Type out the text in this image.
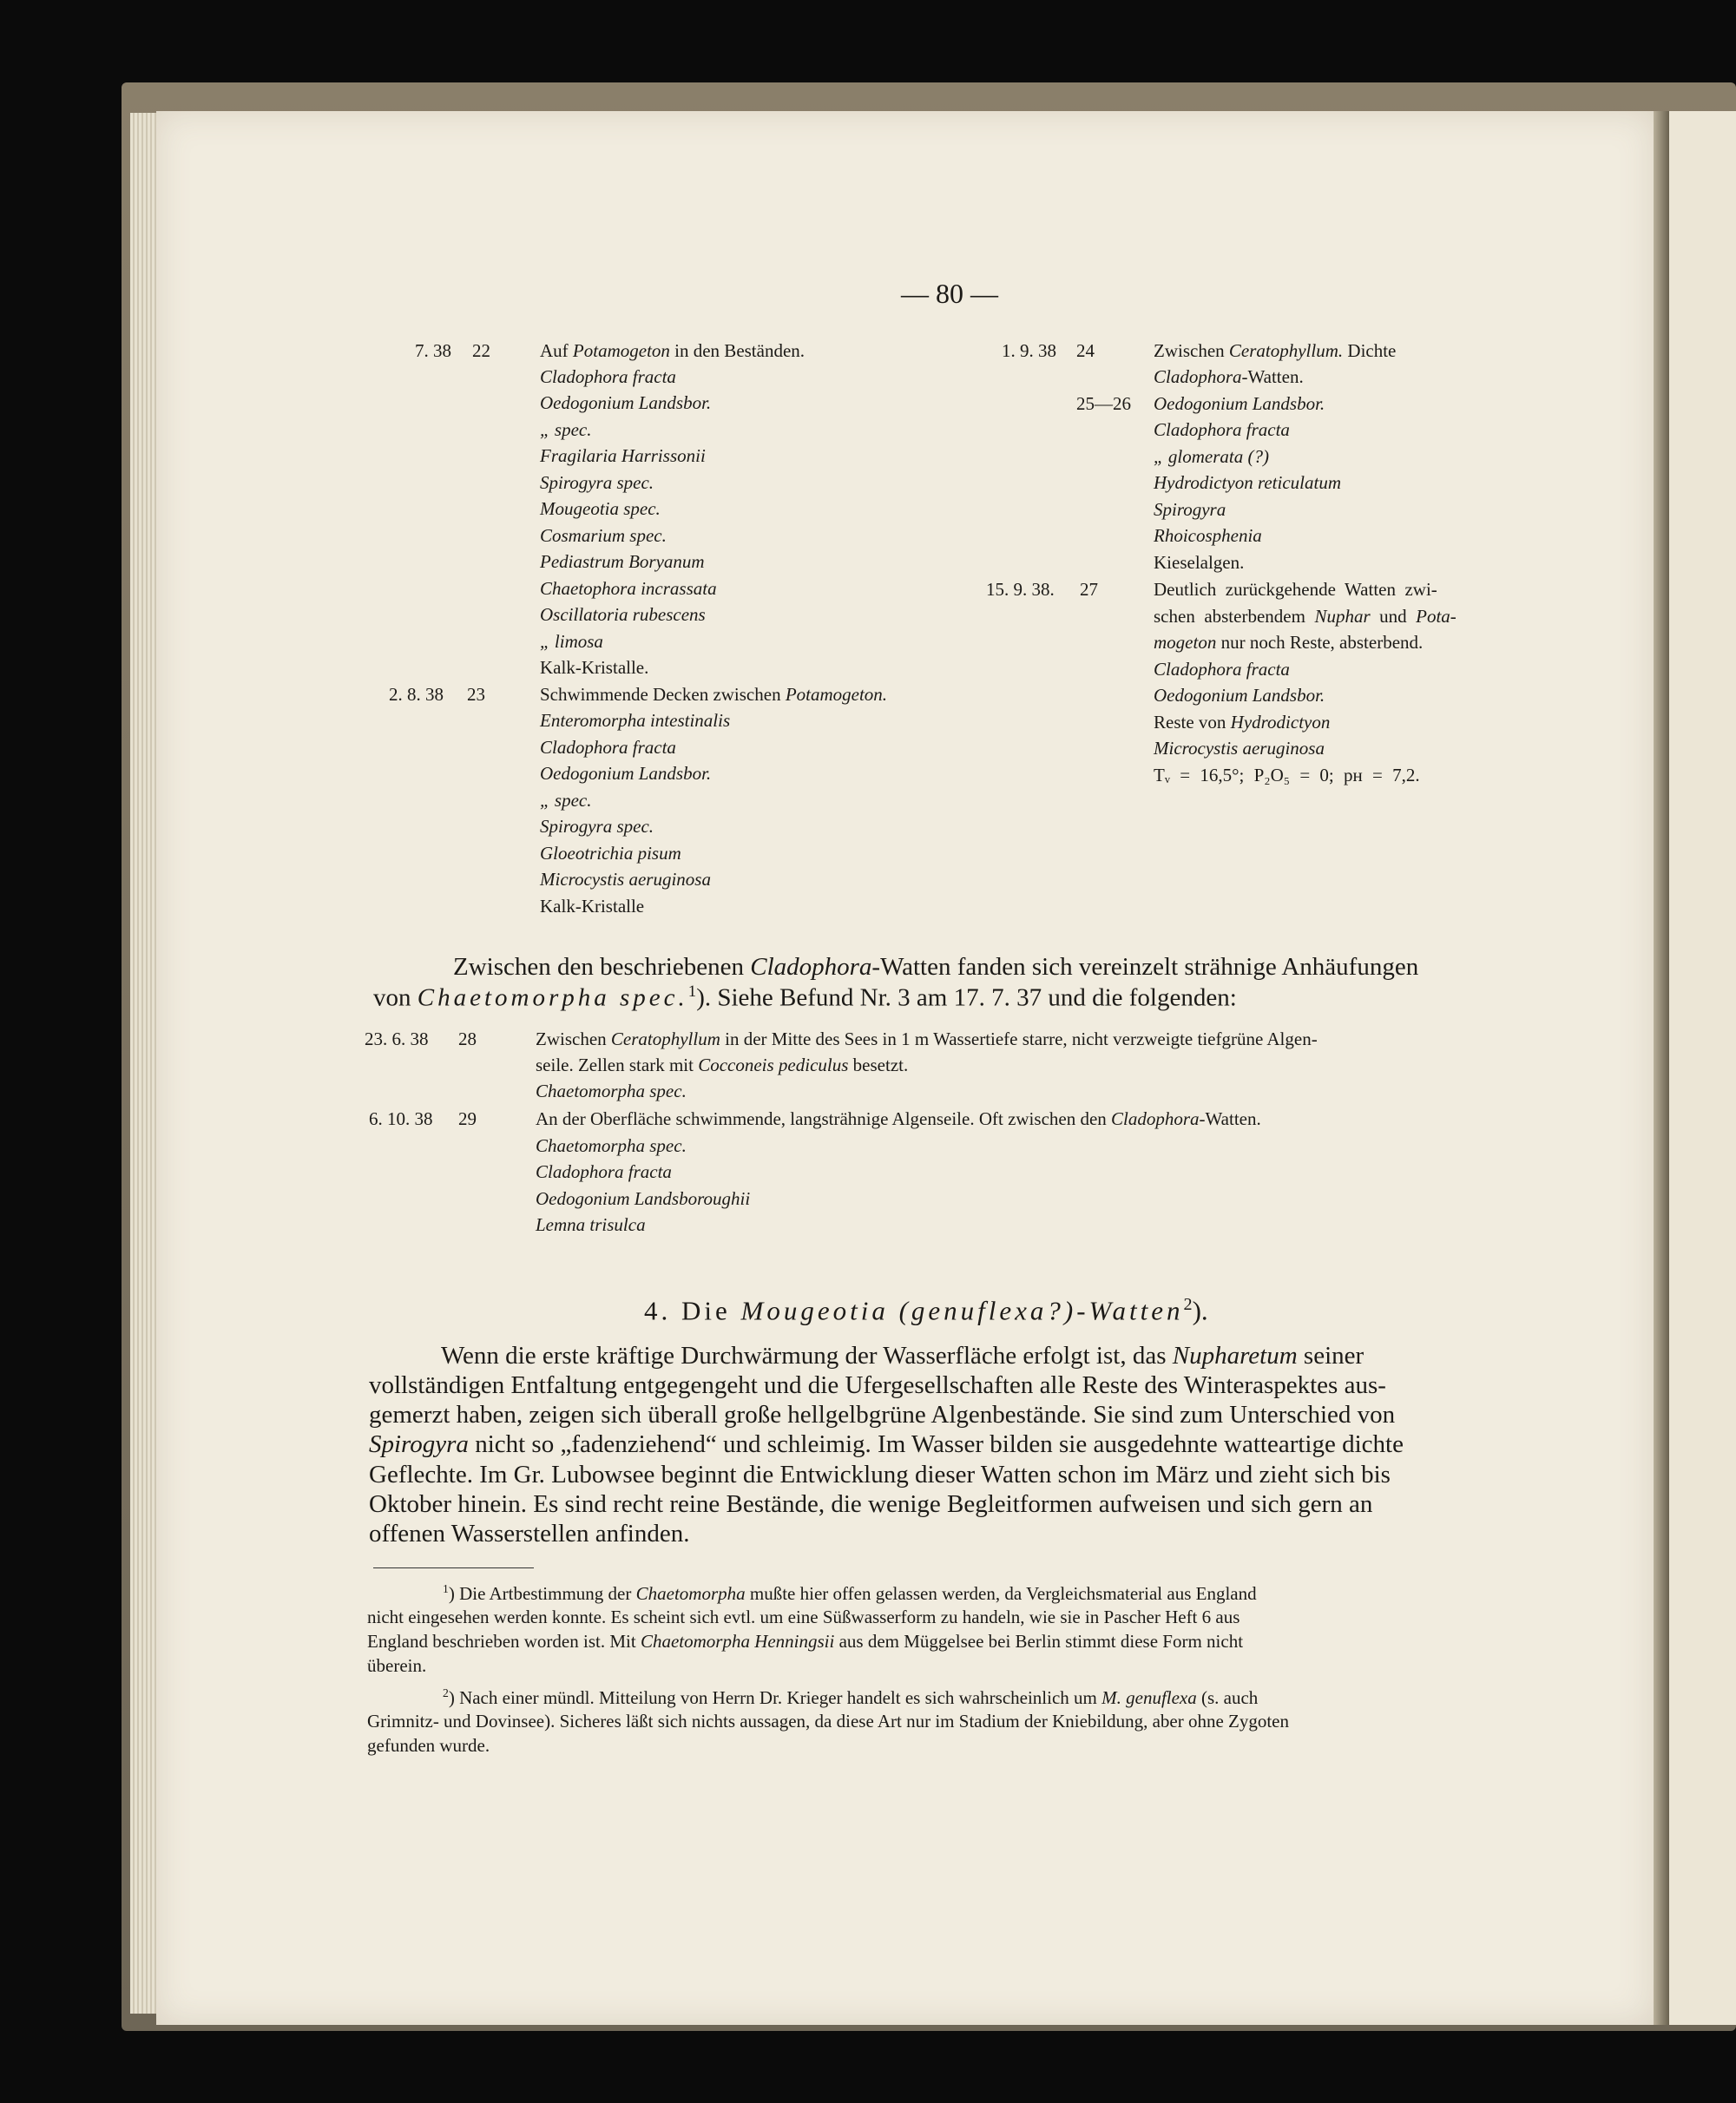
— 80 —
7. 38 22	Auf Potamogeton in den Beständen.
Cladophora fracta
Oedogonium Landsbor.
„ spec.
Fragilaria Harrissonii
Spirogyra spec.
Mougeotia spec.
Cosmarium spec.
Pediastrum Boryanum
Chaetophora incrassata
Oscillatoria rubescens
„ limosa
Kalk-Kristalle.
2. 8. 38 23	Schwimmende Decken zwischen Potamogeton.
Enteromorpha intestinalis
Cladophora fracta
Oedogonium Landsbor.
„ spec.
Spirogyra spec.
Gloeotrichia pisum
Microcystis aeruginosa
Kalk-Kristalle
1. 9. 38 24	Zwischen Ceratophyllum. Dichte
Cladophora-Watten.
25—26 Oedogonium Landsbor.
Cladophora fracta
„ glomerata (?)
Hydrodictyon reticulatum
Spirogyra
Rhoicosphenia
Kieselalgen.
15. 9. 38. 27	Deutlich  zurückgehende  Watten  zwi-
schen  absterbendem  Nuphar  und  Pota-
mogeton nur noch Reste, absterbend.
Cladophora fracta
Oedogonium Landsbor.
Reste von Hydrodictyon
Microcystis aeruginosa
Tᵥ = 16,5°; P₂O₅ = 0; pʜ = 7,2.
Zwischen den beschriebenen Cladophora-Watten fanden sich vereinzelt strähnige Anhäufungen
von Chaetomorpha spec.$^1$). Siehe Befund Nr. 3 am 17. 7. 37 und die folgenden:
23. 6. 38 28	Zwischen Ceratophyllum in der Mitte des Sees in 1 m Wassertiefe starre, nicht verzweigte tiefgrüne Algen-
seile. Zellen stark mit Cocconeis pediculus besetzt.
Chaetomorpha spec.
6. 10. 38 29	An der Oberfläche schwimmende, langsträhnige Algenseile. Oft zwischen den Cladophora-Watten.
Chaetomorpha spec.
Cladophora fracta
Oedogonium Landsboroughii
Lemna trisulca
4. Die Mougeotia (genuflexa?)-Watten$^2$).
Wenn die erste kräftige Durchwärmung der Wasserfläche erfolgt ist, das Nupharetum seiner
vollständigen Entfaltung entgegengeht und die Ufergesellschaften alle Reste des Winteraspektes aus-
gemerzt haben, zeigen sich überall große hellgelbgrüne Algenbestände. Sie sind zum Unterschied von
Spirogyra nicht so „fadenziehend“ und schleimig. Im Wasser bilden sie ausgedehnte watteartige dichte
Geflechte. Im Gr. Lubowsee beginnt die Entwicklung dieser Watten schon im März und zieht sich bis
Oktober hinein. Es sind recht reine Bestände, die wenige Begleitformen aufweisen und sich gern an
offenen Wasserstellen anfinden.
$^1$) Die Artbestimmung der Chaetomorpha mußte hier offen gelassen werden, da Vergleichsmaterial aus England
nicht eingesehen werden konnte. Es scheint sich evtl. um eine Süßwasserform zu handeln, wie sie in Pascher Heft 6 aus
England beschrieben worden ist. Mit Chaetomorpha Henningsii aus dem Müggelsee bei Berlin stimmt diese Form nicht
überein.
$^2$) Nach einer mündl. Mitteilung von Herrn Dr. Krieger handelt es sich wahrscheinlich um M. genuflexa (s. auch
Grimnitz- und Dovinsee). Sicheres läßt sich nichts aussagen, da diese Art nur im Stadium der Kniebildung, aber ohne Zygoten
gefunden wurde.
